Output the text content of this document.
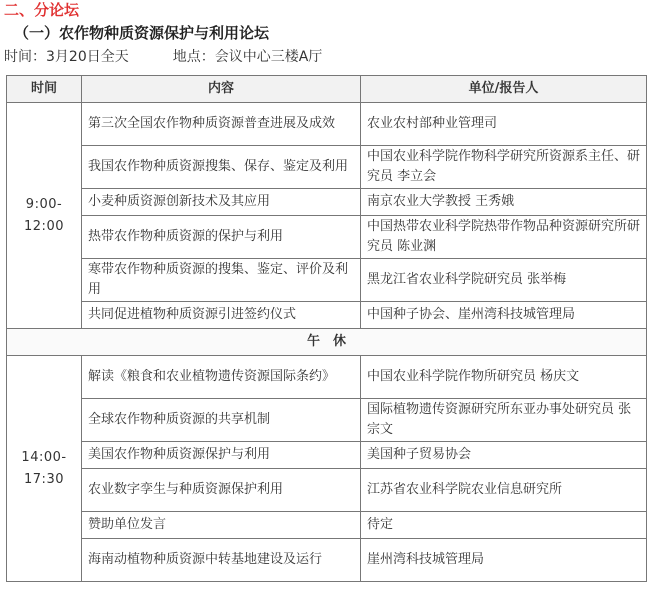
二、分论坛
（一）农作物种质资源保护与利用论坛
时间：3月20日全天	地点：会议中心三楼A厅
时间	内容	单位/报告人
9:00-12:00	第三次全国农作物种质资源普查进展及成效	农业农村部种业管理司
	我国农作物种质资源搜集、保存、鉴定及利用	中国农业科学院作物科学研究所资源系主任、研究员 李立会
	小麦种质资源创新技术及其应用	南京农业大学教授 王秀娥
	热带农作物种质资源的保护与利用	中国热带农业科学院热带作物品种资源研究所研究员 陈业渊
	寒带农作物种质资源的搜集、鉴定、评价及利用	黑龙江省农业科学院研究员 张举梅
	共同促进植物种质资源引进签约仪式	中国种子协会、崖州湾科技城管理局
午　休		
14:00-17:30	解读《粮食和农业植物遗传资源国际条约》	中国农业科学院作物所研究员 杨庆文
	全球农作物种质资源的共享机制	国际植物遗传资源研究所东亚办事处研究员 张宗文
	美国农作物种质资源保护与利用	美国种子贸易协会
	农业数字孪生与种质资源保护利用	江苏省农业科学院农业信息研究所
	赞助单位发言	待定
	海南动植物种质资源中转基地建设及运行	崖州湾科技城管理局
